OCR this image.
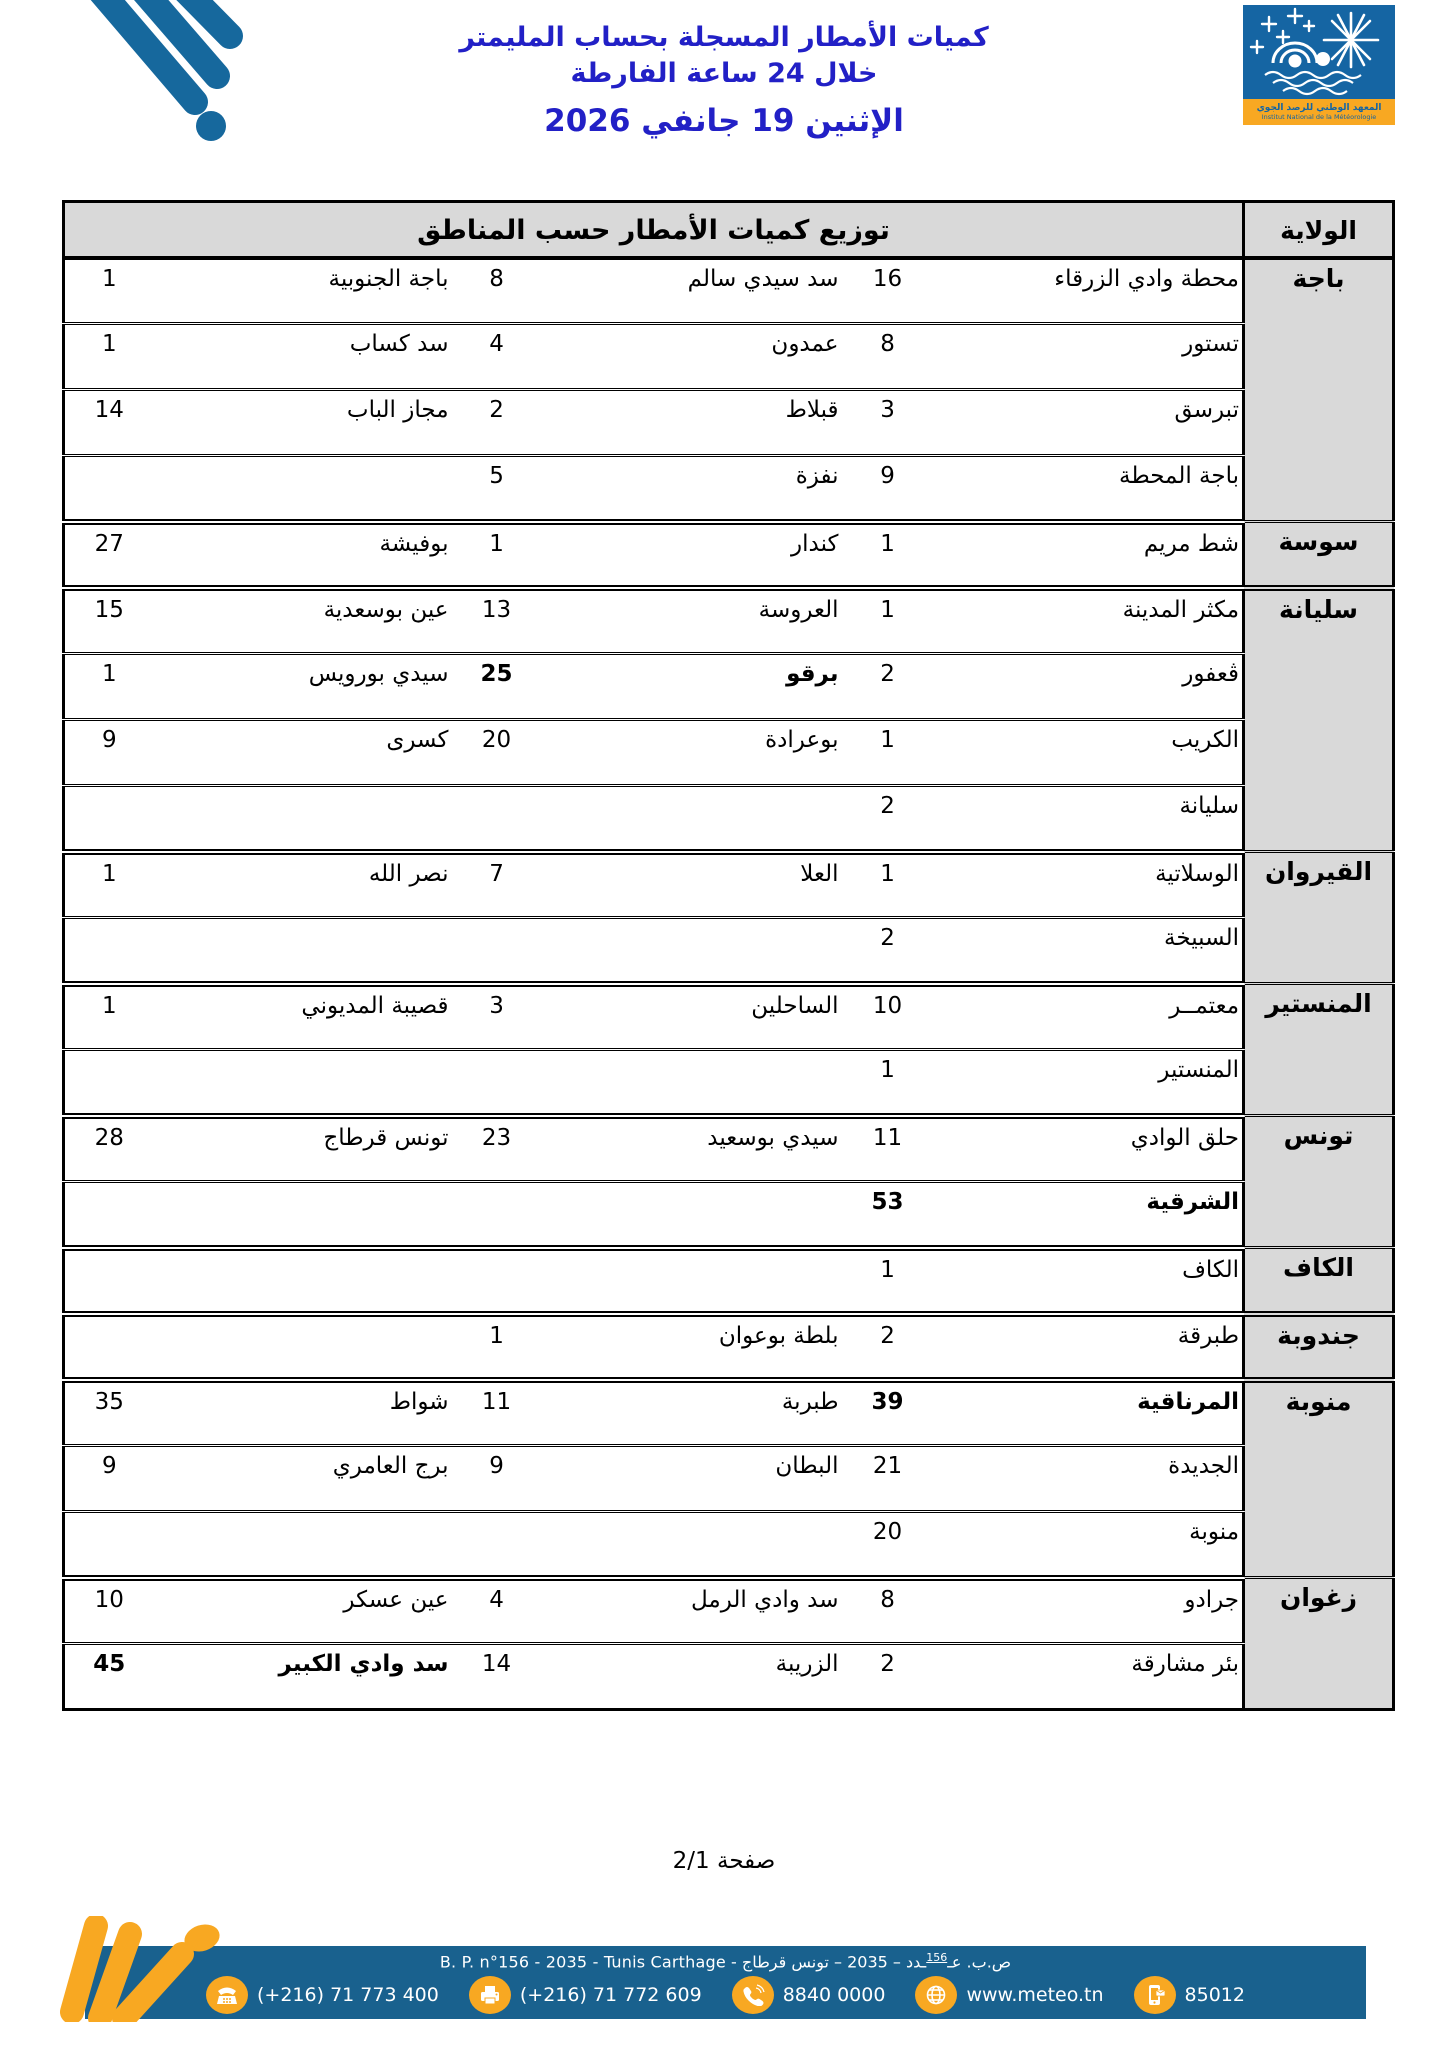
كميات الأمطار المسجلة بحساب المليمتر
خلال 24 ساعة الفارطة
الإثنين 19 جانفي 2026	المعهد الوطني للرصد الجوي
Institut National de la Météorologie
الولاية	توزيع كميات الأمطار حسب المناطق					
باجة	محطة وادي الزرقاء	16	سد سيدي سالم	8	باجة الجنوبية	1
	تستور	8	عمدون	4	سد كساب	1
	تبرسق	3	قبلاط	2	مجاز الباب	14
	باجة المحطة	9	نفزة	5		
سوسة	شط مريم	1	كندار	1	بوفيشة	27
سليانة	مكثر المدينة	1	العروسة	13	عين بوسعدية	15
	ڨعفور	2	برقو	25	سيدي بورويس	1
	الكريب	1	بوعرادة	20	كسرى	9
	سليانة	2				
القيروان	الوسلاتية	1	العلا	7	نصر الله	1
	السبيخة	2				
المنستير	معتمــر	10	الساحلين	3	قصيبة المديوني	1
	المنستير	1				
تونس	حلق الوادي	11	سيدي بوسعيد	23	تونس قرطاج	28
	الشرقية	53				
الكاف	الكاف	1				
جندوبة	طبرقة	2	بلطة بوعوان	1		
منوبة	المرناقية	39	طبربة	11	شواط	35
	الجديدة	21	البطان	9	برج العامري	9
	منوبة	20				
زغوان	جرادو	8	سد وادي الرمل	4	عين عسكر	10
	بئر مشارقة	2	الزريبة	14	سد وادي الكبير	45
صفحة 2/1
ص.ب. عـ$^{156}$ـدد – 2035 – تونس قرطاج - B. P. n°156 - 2035 - Tunis Carthage
(+216) 71 773 400	(+216) 71 772 609	8840 0000	www.meteo.tn	85012
